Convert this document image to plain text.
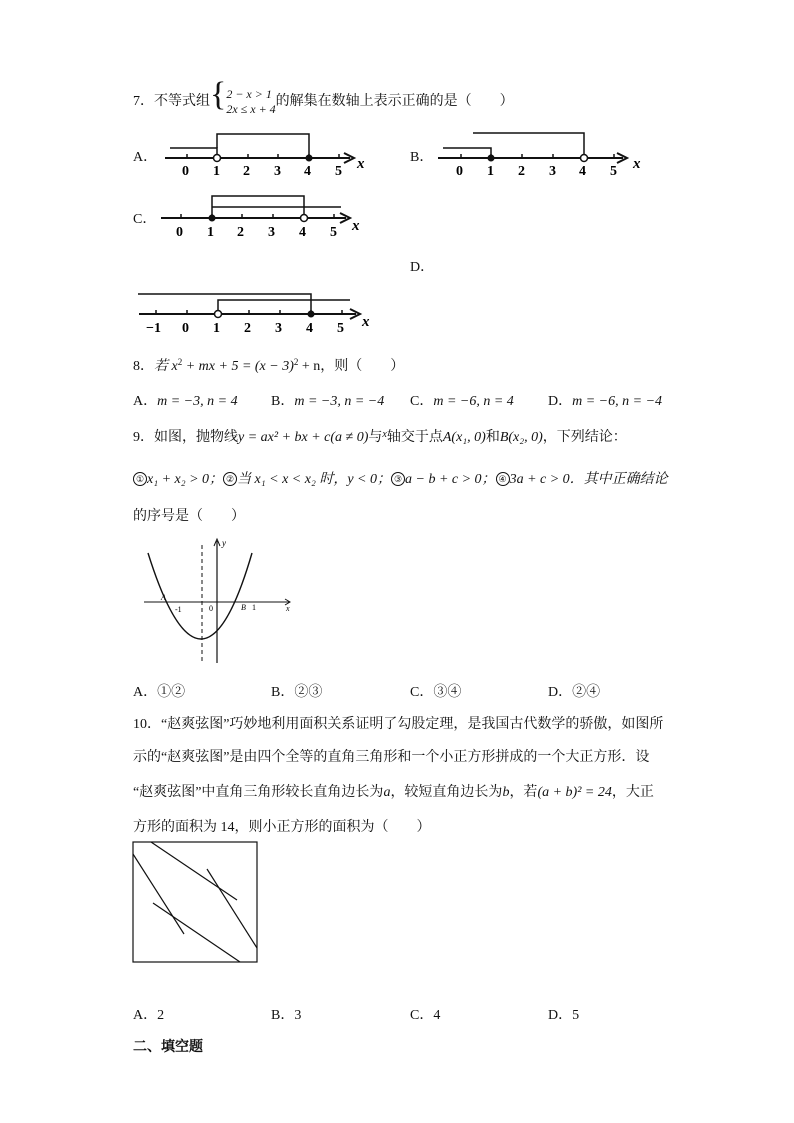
7．不等式组{2 − x > 1
2x ≤ x + 4的解集在数轴上表示正确的是（　　）
A．
0 1 2 3 4 5 x	B．
0 1 2 3 4 5 x
C．
0 1 2 3 4 5 x
D．
−1 0 1 2 3 4 5 x
8．若 $x^2$ + mx + $5 = (x - 3)^2 + n$，则（　　）
A．m = −3, n = 4 B．m = −3, n = −4 C．m = −6, n = 4 D．m = −6, n = −4
9．如图，抛物线y = ax² + bx + c(a ≠ 0)与$^x$轴交于点A(x₁, 0)和B(x₂, 0)，下列结论：
① x₁ + x₂ > 0； ② 当 x₁ < x < x₂ 时，y < 0； ③ a − b + c > 0； ④ 3a + c > 0．其中正确结论
的序号是（　　）
y
x
A
B
-1	0	1
A．①②	B．②③	C．③④	D．②④
10．“赵爽弦图”巧妙地利用面积关系证明了勾股定理，是我国古代数学的骄傲，如图所
示的“赵爽弦图”是由四个全等的直角三角形和一个小正方形拼成的一个大正方形．设
“赵爽弦图”中直角三角形较长直角边长为a，较短直角边长为b，若(a + b)² = 24，大正
方形的面积为 14，则小正方形的面积为（　　）
A．2	B．3	C．4	D．5
二、填空题
